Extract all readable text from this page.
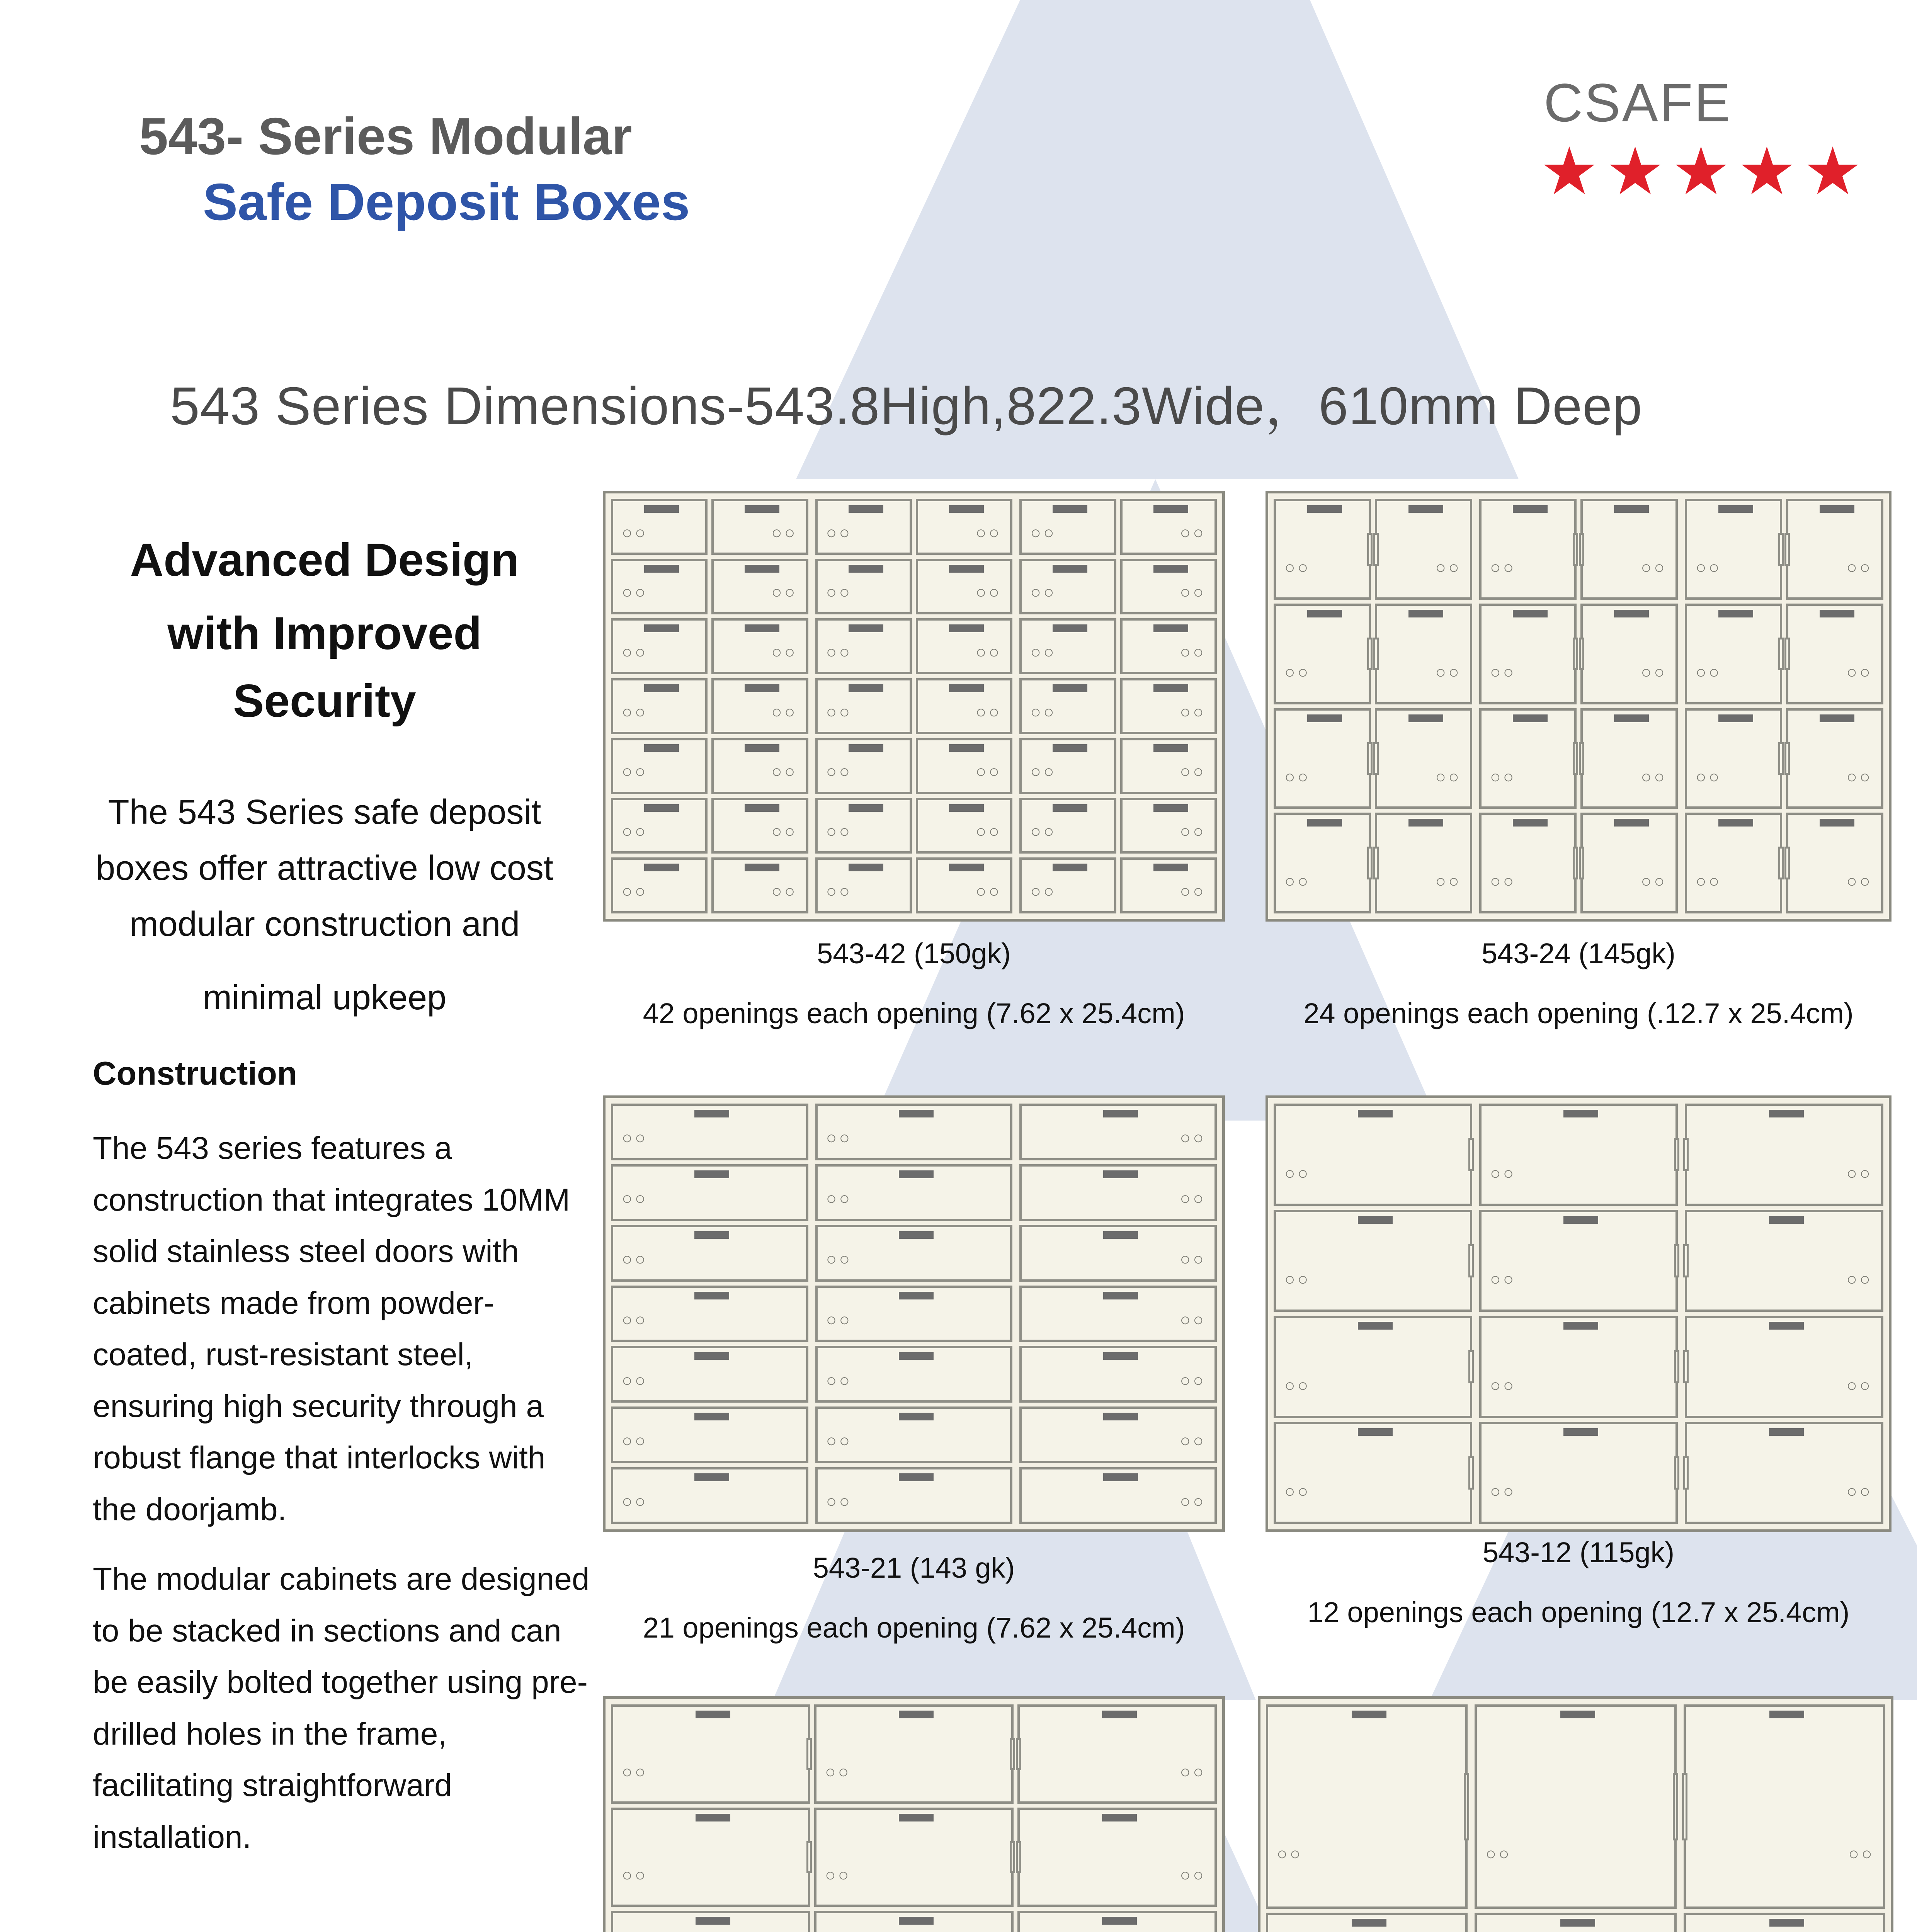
543- Series Modular
Safe Deposit Boxes
CSAFE
★★★★★
543 Series Dimensions-543.8High,822.3Wide，610mm Deep
Advanced Design
with Improved
Security
The 543 Series safe deposit
boxes offer attractive low cost
modular construction and
minimal upkeep
Construction
The 543 series features a construction that integrates 10MM solid stainless steel doors with cabinets made from powder-coated, rust-resistant steel, ensuring high security through a robust flange that interlocks with the doorjamb.
The modular cabinets are designed to be stacked in sections and can be easily bolted together using pre-drilled holes in the frame, facilitating straightforward installation.
○○
○○
○○
○○
○○
○○
○○
○○
○○
○○
○○
○○
○○
○○
○○
○○
○○
○○
○○
○○
○○
○○
○○
○○
○○
○○
○○
○○
○○
○○
○○
○○
○○
○○
○○
○○
○○
○○
○○
○○
○○
○○
○○
○○
○○
○○
○○
○○
○○
○○
○○
○○
○○
○○
○○
○○
○○
○○
○○
○○
○○
○○
○○
○○
○○
○○
○○
○○
○○
○○
○○
○○
○○
○○
○○
○○
○○
○○
○○
○○
○○
○○
○○
○○
○○
○○
○○
○○
○○
○○
○○
○○
○○
○○
○○
○○
○○
○○
○○
○○
○○
○○
○○
○○
○○
○○	○○	○○
543-42 (150gk)
42 openings each opening (7.62 x 25.4cm)
543-24 (145gk)
24 openings each opening (.12.7 x 25.4cm)
543-21 (143 gk)
21 openings each opening (7.62 x 25.4cm)
543-12 (115gk)
12 openings each opening (12.7 x 25.4cm)
